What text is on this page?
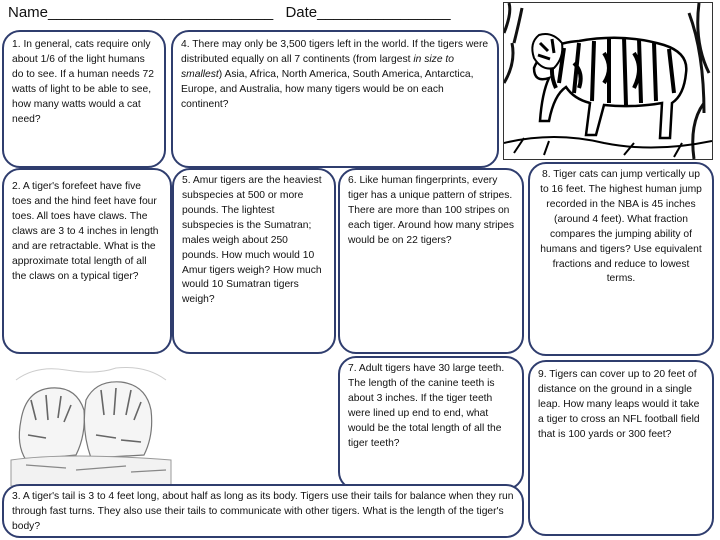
Name___________________________ Date________________

1. In general, cats require only about 1/6 of the light humans do to see. If a human needs 72 watts of light to be able to see, how many watts would a cat need?

4. There may only be 3,500 tigers left in the world. If the tigers were distributed equally on all 7 continents (from largest in size to smallest) Asia, Africa, North America, South America, Antarctica, Europe, and Australia, how many tigers would be on each continent?

2. A tiger's forefeet have five toes and the hind feet have four toes. All toes have claws. The claws are 3 to 4 inches in length and are retractable. What is the approximate total length of all the claws on a typical tiger?

5. Amur tigers are the heaviest subspecies at 500 or more pounds. The lightest subspecies is the Sumatran; males weigh about 250 pounds. How much would 10 Amur tigers weigh? How much would 10 Sumatran tigers weigh?

6. Like human fingerprints, every tiger has a unique pattern of stripes. There are more than 100 stripes on each tiger. Around how many stripes would be on 22 tigers?

8. Tiger cats can jump vertically up to 16 feet. The highest human jump recorded in the NBA is 45 inches (around 4 feet). What fraction compares the jumping ability of humans and tigers? Use equivalent fractions and reduce to lowest terms.

7. Adult tigers have 30 large teeth. The length of the canine teeth is about 3 inches. If the tiger teeth were lined up end to end, what would be the total length of all the tiger teeth?

9. Tigers can cover up to 20 feet of distance on the ground in a single leap. How many leaps would it take a tiger to cross an NFL football field that is 100 yards or 300 feet?

3. A tiger's tail is 3 to 4 feet long, about half as long as its body. Tigers use their tails for balance when they run through fast turns. They also use their tails to communicate with other tigers. What is the length of the tiger's body?
